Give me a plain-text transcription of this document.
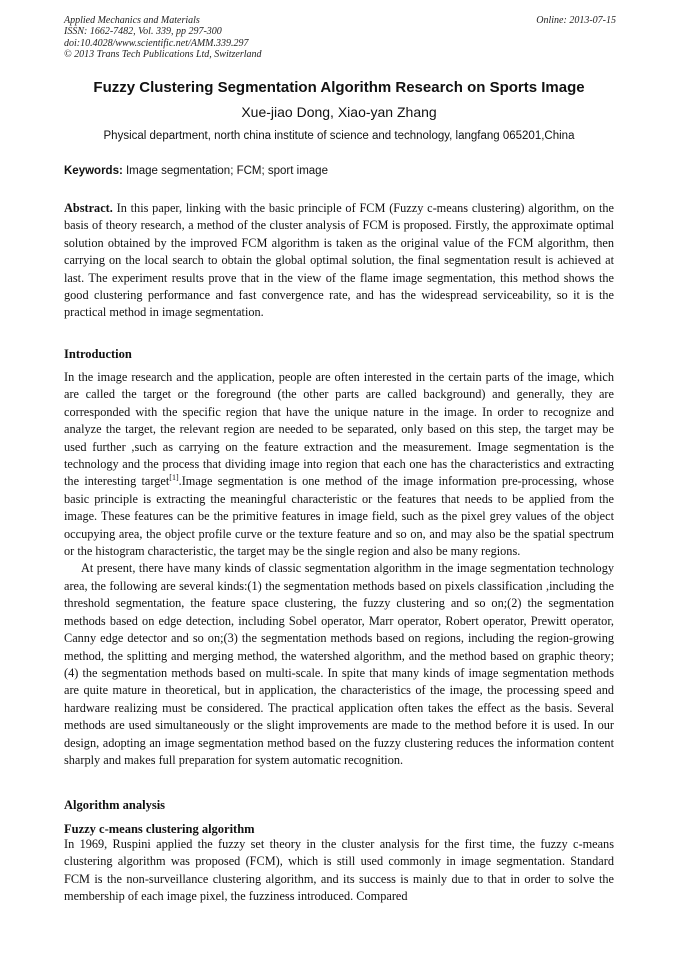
Applied Mechanics and Materials
ISSN: 1662-7482, Vol. 339, pp 297-300
doi:10.4028/www.scientific.net/AMM.339.297
© 2013 Trans Tech Publications Ltd, Switzerland
Online: 2013-07-15
Fuzzy Clustering Segmentation Algorithm Research on Sports Image
Xue-jiao Dong, Xiao-yan Zhang
Physical department, north china institute of science and technology, langfang 065201,China
Keywords: Image segmentation; FCM; sport image

Abstract. In this paper, linking with the basic principle of FCM (Fuzzy c-means clustering) algorithm, on the basis of theory research, a method of the cluster analysis of FCM is proposed. Firstly, the approximate optimal solution obtained by the improved FCM algorithm is taken as the original value of the FCM algorithm, then carrying on the local search to obtain the global optimal solution, the final segmentation result is achieved at last. The experiment results prove that in the view of the flame image segmentation, this method shows the good clustering performance and fast convergence rate, and has the widespread serviceability, so it is the practical method in image segmentation.

Introduction

In the image research and the application, people are often interested in the certain parts of the image, which are called the target or the foreground (the other parts are called background) and generally, they are corresponded with the specific region that have the unique nature in the image. In order to recognize and analyze the target, the relevant region are needed to be separated, only based on this step, the target may be used further ,such as carrying on the feature extraction and the measurement. Image segmentation is the technology and the process that dividing image into region that each one has the characteristics and extracting the interesting target[1].Image segmentation is one method of the image information pre-processing, whose basic principle is extracting the meaningful characteristic or the features that needs to be applied from the image. These features can be the primitive features in image field, such as the pixel grey values of the object occupying area, the object profile curve or the texture feature and so on, and may also be the spatial spectrum or the histogram characteristic, the target may be the single region and also be many regions.

At present, there have many kinds of classic segmentation algorithm in the image segmentation technology area, the following are several kinds:(1) the segmentation methods based on pixels classification ,including the threshold segmentation, the feature space clustering, the fuzzy clustering and so on;(2) the segmentation methods based on edge detection, including Sobel operator, Marr operator, Robert operator, Prewitt operator, Canny edge detector and so on;(3) the segmentation methods based on regions, including the region-growing method, the splitting and merging method, the watershed algorithm, and the method based on graphic theory;(4) the segmentation methods based on multi-scale. In spite that many kinds of image segmentation methods are quite mature in theoretical, but in application, the characteristics of the image, the processing speed and hardware realizing must be considered. The practical application often takes the effect as the basis. Several methods are used simultaneously or the slight improvements are made to the method before it is used. In our design, adopting an image segmentation method based on the fuzzy clustering reduces the information content sharply and makes full preparation for system automatic recognition.

Algorithm analysis
Fuzzy c-means clustering algorithm

In 1969, Ruspini applied the fuzzy set theory in the cluster analysis for the first time, the fuzzy c-means clustering algorithm was proposed (FCM), which is still used commonly in image segmentation. Standard FCM is the non-surveillance clustering algorithm, and its success is mainly due to that in order to solve the membership of each image pixel, the fuzziness introduced. Compared
